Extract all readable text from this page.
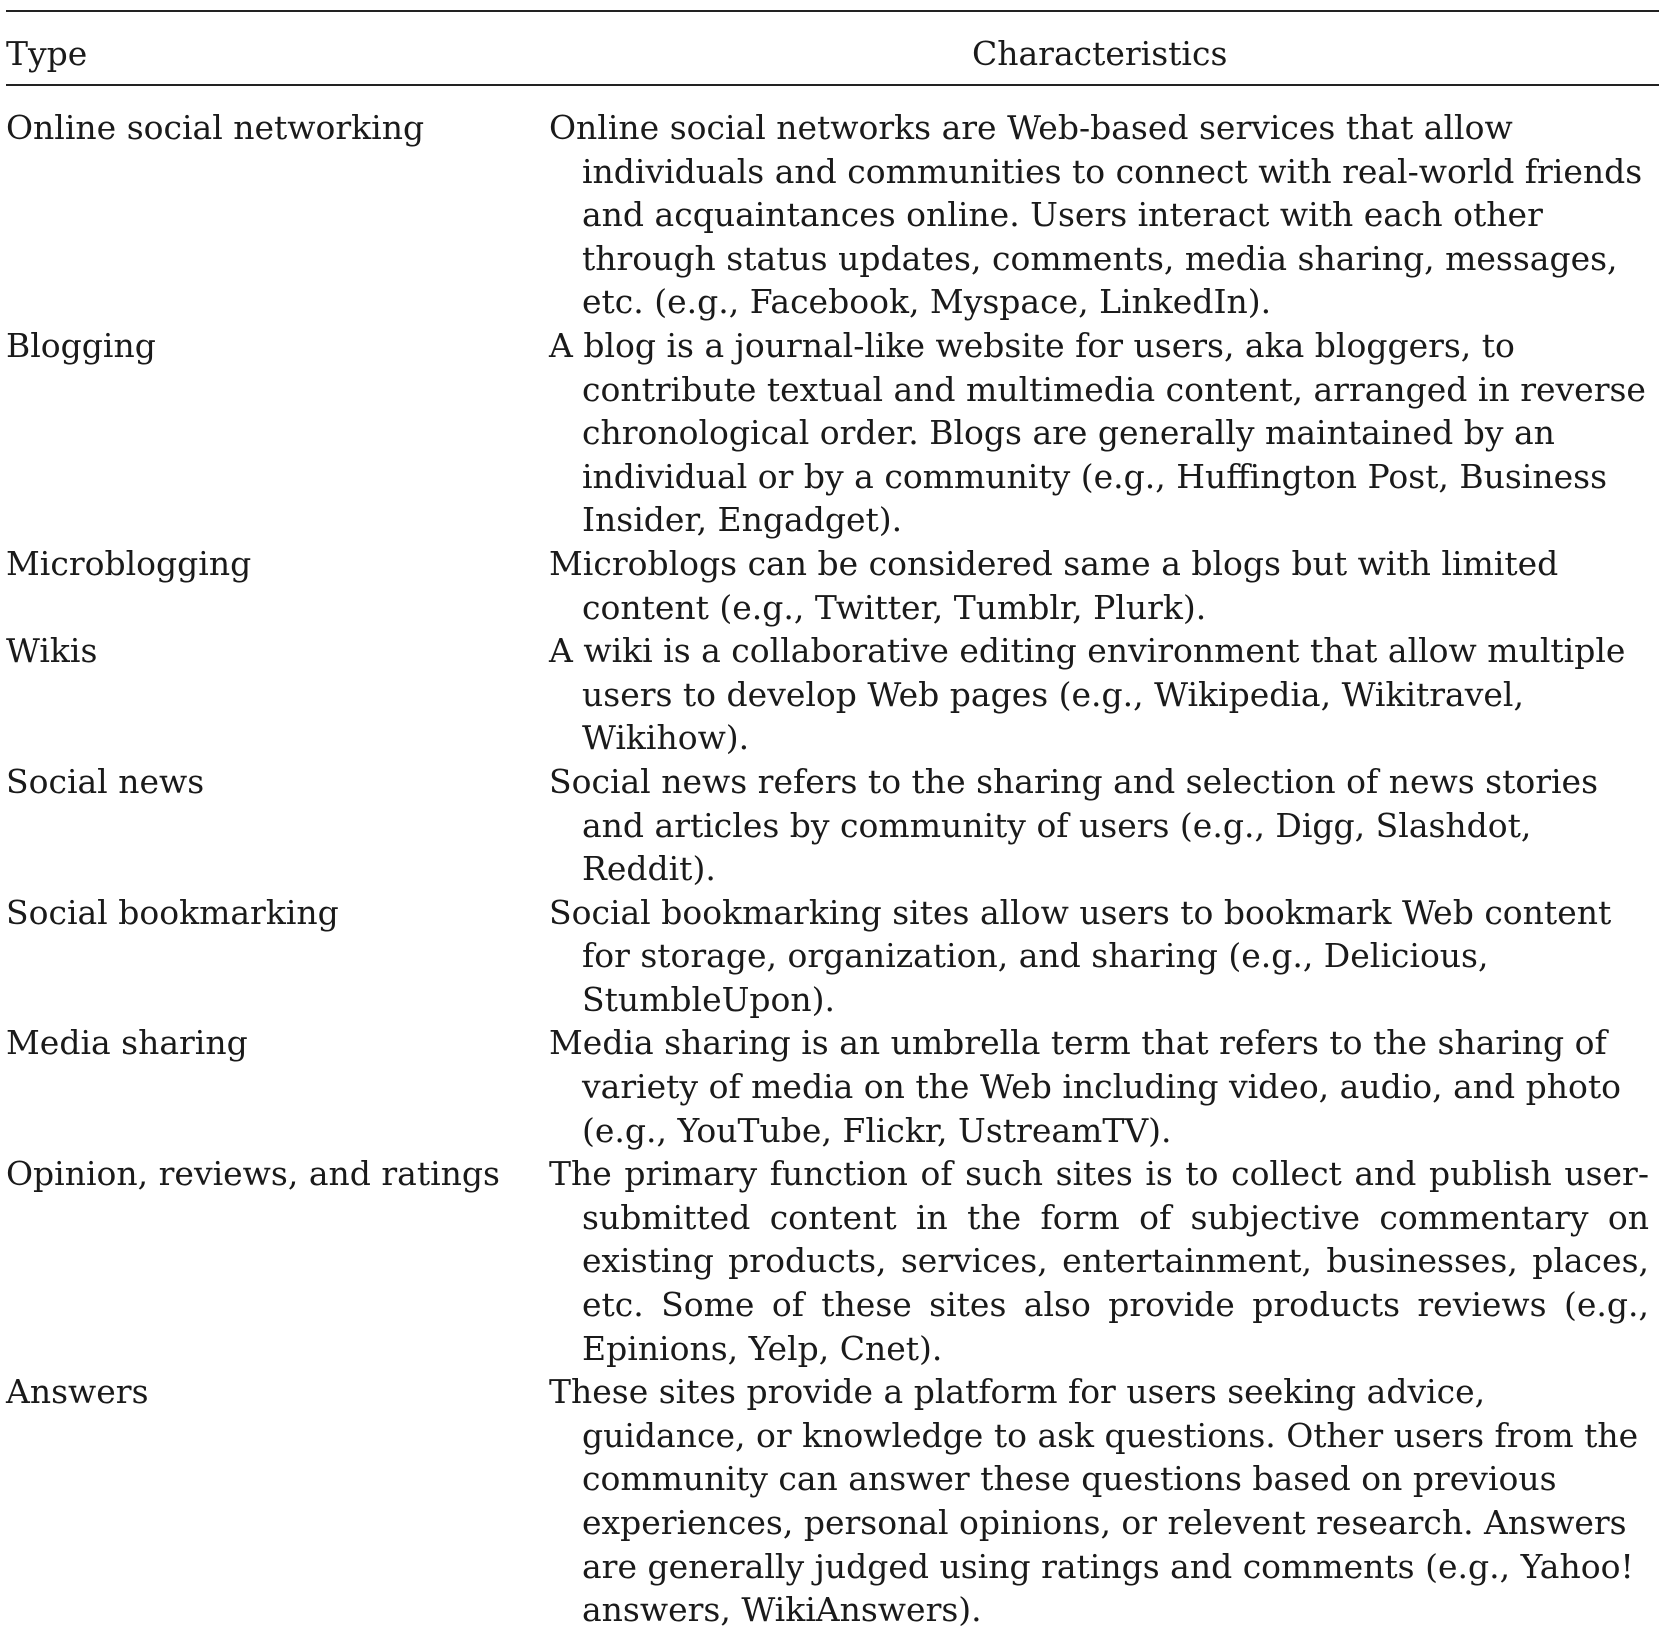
Type	Characteristics
Online social networking	Online social networks are Web-based services that allow individuals and communities to connect with real-world friends and acquaintances online. Users interact with each other through status updates, comments, media sharing, messages, etc. (e.g., Facebook, Myspace, LinkedIn).
Blogging	A blog is a journal-like website for users, aka bloggers, to contribute textual and multimedia content, arranged in reverse chronological order. Blogs are generally maintained by an individual or by a community (e.g., Huffington Post, Business Insider, Engadget).
Microblogging	Microblogs can be considered same a blogs but with limited content (e.g., Twitter, Tumblr, Plurk).
Wikis	A wiki is a collaborative editing environment that allow multiple users to develop Web pages (e.g., Wikipedia, Wikitravel, Wikihow).
Social news	Social news refers to the sharing and selection of news stories and articles by community of users (e.g., Digg, Slashdot, Reddit).
Social bookmarking	Social bookmarking sites allow users to bookmark Web content for storage, organization, and sharing (e.g., Delicious, StumbleUpon).
Media sharing	Media sharing is an umbrella term that refers to the sharing of variety of media on the Web including video, audio, and photo (e.g., YouTube, Flickr, UstreamTV).
Opinion, reviews, and ratings	The primary function of such sites is to collect and publish user-submitted content in the form of subjective commentary on existing products, services, entertainment, businesses, places, etc. Some of these sites also provide products reviews (e.g., Epinions, Yelp, Cnet).
Answers	These sites provide a platform for users seeking advice, guidance, or knowledge to ask questions. Other users from the community can answer these questions based on previous experiences, personal opinions, or relevent research. Answers are generally judged using ratings and comments (e.g., Yahoo! answers, WikiAnswers).
